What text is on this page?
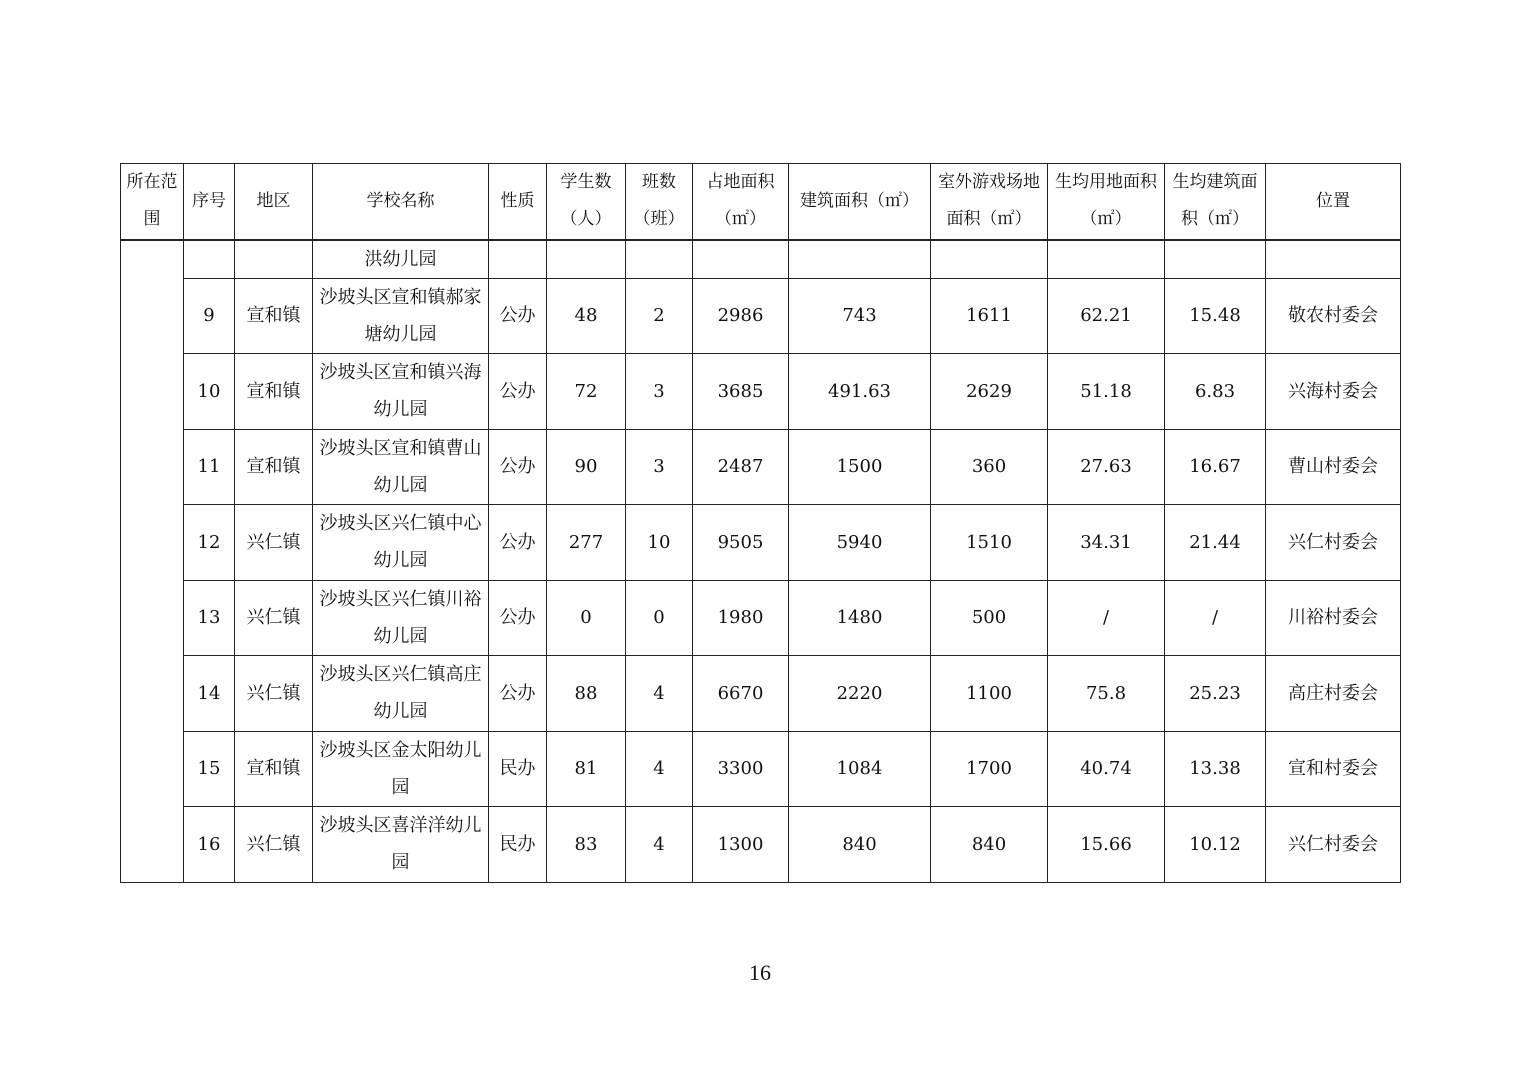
所在范围	序号	地区	学校名称	性质	学生数（人）	班数（班）	占地面积（㎡）	建筑面积（㎡）	室外游戏场地面积（㎡）	生均用地面积（㎡）	生均建筑面积（㎡）	位置
			洪幼儿园									
	9	宣和镇	沙坡头区宣和镇郝家塘幼儿园	公办	48	2	2986	743	1611	62.21	15.48	敬农村委会
	10	宣和镇	沙坡头区宣和镇兴海幼儿园	公办	72	3	3685	491.63	2629	51.18	6.83	兴海村委会
	11	宣和镇	沙坡头区宣和镇曹山幼儿园	公办	90	3	2487	1500	360	27.63	16.67	曹山村委会
	12	兴仁镇	沙坡头区兴仁镇中心幼儿园	公办	277	10	9505	5940	1510	34.31	21.44	兴仁村委会
	13	兴仁镇	沙坡头区兴仁镇川裕幼儿园	公办	0	0	1980	1480	500	/	/	川裕村委会
	14	兴仁镇	沙坡头区兴仁镇高庄幼儿园	公办	88	4	6670	2220	1100	75.8	25.23	高庄村委会
	15	宣和镇	沙坡头区金太阳幼儿园	民办	81	4	3300	1084	1700	40.74	13.38	宣和村委会
	16	兴仁镇	沙坡头区喜洋洋幼儿园	民办	83	4	1300	840	840	15.66	10.12	兴仁村委会
16
